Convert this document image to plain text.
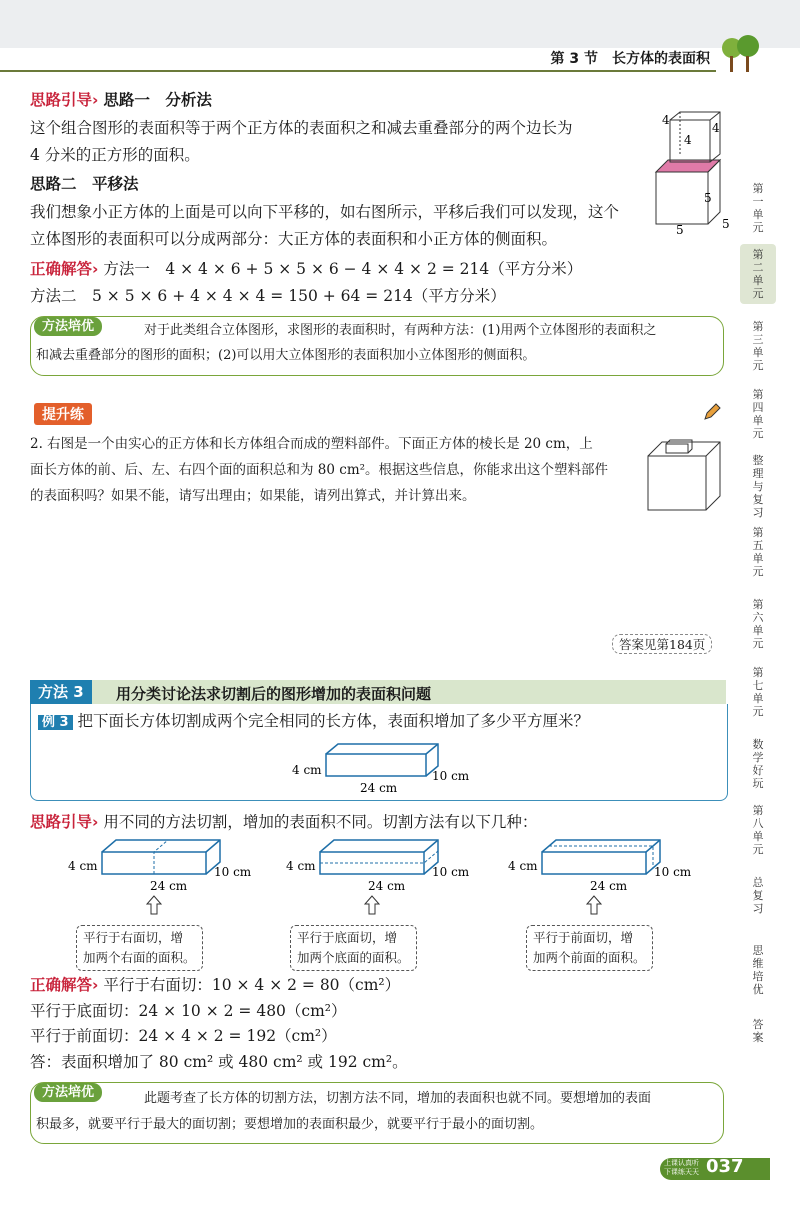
第 3 节　 长方体的表面积
第
一
单
元
第
二
单
元
第
三
单
元
第
四
单
元
整
理
与
复
习
第
五
单
元
第
六
单
元
第
七
单
元
数
学
好
玩
第
八
单
元
总
复
习
思
维
培
优
答
案
思路引导› 思路一　分析法
这个组合图形的表面积等于两个正方体的表面积之和减去重叠部分的两个边长为
4 分米的正方形的面积。
思路二　平移法
我们想象小正方体的上面是可以向下平移的，如右图所示，平移后我们可以发现，这个
立体图形的表面积可以分成两部分：大正方体的表面积和小正方体的侧面积。
正确解答› 方法一　4 × 4 × 6 + 5 × 5 × 6 − 4 × 4 × 2 = 214（平方分米）
方法二　5 × 5 × 6 + 4 × 4 × 4 = 150 + 64 = 214（平方分米）
4
4
4
5
5
5
方法培优	对于此类组合立体图形，求图形的表面积时，有两种方法：(1)用两个立体图形的表面积之
和减去重叠部分的图形的面积；(2)可以用大立体图形的表面积加小立体图形的侧面积。
提升练
2. 右图是一个由实心的正方体和长方体组合而成的塑料部件。下面正方体的棱长是 20 cm，上
面长方体的前、后、左、右四个面的面积总和为 80 cm²。根据这些信息，你能求出这个塑料部件
的表面积吗？如果不能，请写出理由；如果能，请列出算式，并计算出来。
答案见第184页
方法 3	用分类讨论法求切割后的图形增加的表面积问题
例 3 把下面长方体切割成两个完全相同的长方体，表面积增加了多少平方厘米？
4 cm
24 cm
10 cm
思路引导› 用不同的方法切割，增加的表面积不同。切割方法有以下几种：
4 cm
24 cm
10 cm	4 cm
24 cm
10 cm	4 cm
24 cm
10 cm
平行于右面切，增
加两个右面的面积。
平行于底面切，增
加两个底面的面积。
平行于前面切，增
加两个前面的面积。
正确解答› 平行于右面切：10 × 4 × 2 = 80（cm²）
平行于底面切：24 × 10 × 2 = 480（cm²）
平行于前面切：24 × 4 × 2 = 192（cm²）
答：表面积增加了 80 cm² 或 480 cm² 或 192 cm²。
方法培优	此题考查了长方体的切割方法，切割方法不同，增加的表面积也就不同。要想增加的表面
积最多，就要平行于最大的面切割；要想增加的表面积最少，就要平行于最小的面切割。
上课认真听
下课练天天 037
